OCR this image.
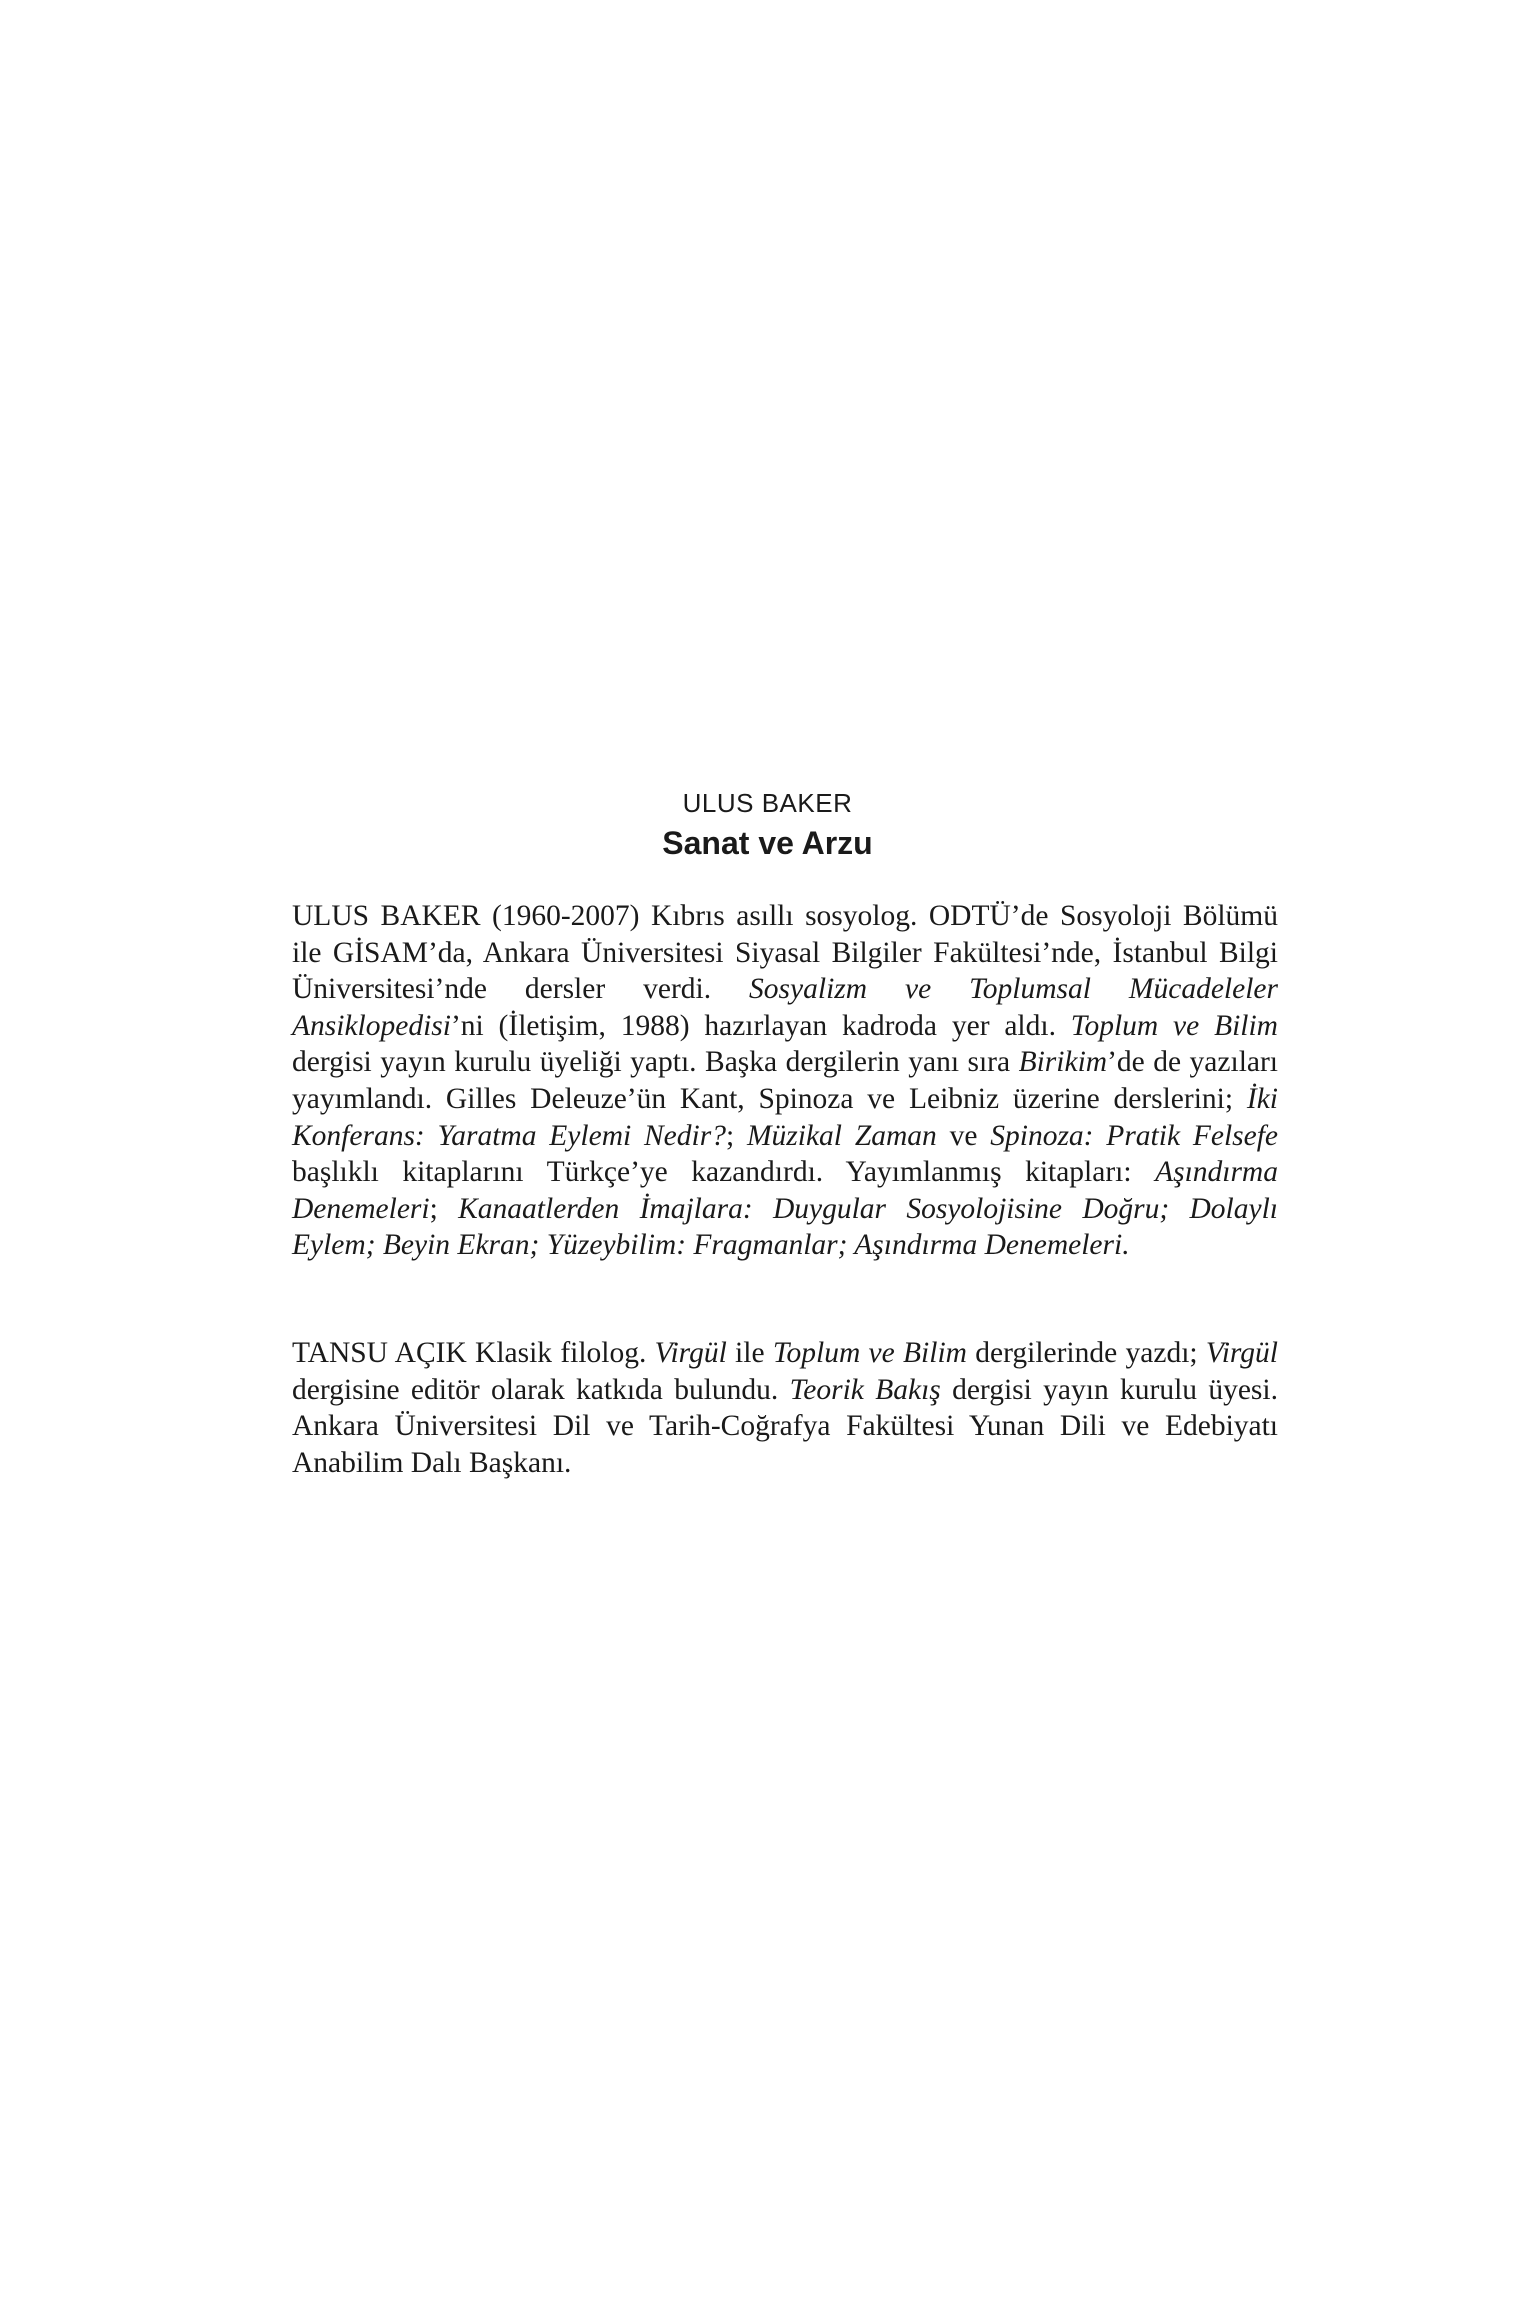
ULUS BAKER
Sanat ve Arzu

ULUS BAKER (1960-2007) Kıbrıs asıllı sosyolog. ODTÜ’de Sosyoloji Bölümü ile GİSAM’da, Ankara Üniversitesi Siyasal Bilgiler Fakültesi’nde, İstanbul Bilgi Üniversitesi’nde dersler verdi. Sosyalizm ve Toplumsal Mücadeleler Ansiklopedisi’ni (İletişim, 1988) hazırlayan kadroda yer aldı. Toplum ve Bilim dergisi yayın kurulu üyeliği yaptı. Başka dergilerin yanı sıra Birikim’de de yazıları yayımlandı. Gilles Deleuze’ün Kant, Spinoza ve Leibniz üzerine derslerini; İki Konferans: Yaratma Eylemi Nedir?; Müzikal Zaman ve Spinoza: Pratik Felsefe başlıklı kitaplarını Türkçe’ye kazandırdı. Yayımlanmış kitapları: Aşındırma Denemeleri; Kanaatlerden İmajlara: Duygular Sosyolojisine Doğru; Dolaylı Eylem; Beyin Ekran; Yüzeybilim: Fragmanlar; Aşındırma Denemeleri.

TANSU AÇIK Klasik filolog. Virgül ile Toplum ve Bilim dergilerinde yazdı; Virgül dergisine editör olarak katkıda bulundu. Teorik Bakış dergisi yayın kurulu üyesi. Ankara Üniversitesi Dil ve Tarih-Coğrafya Fakültesi Yunan Dili ve Edebiyatı Anabilim Dalı Başkanı.
